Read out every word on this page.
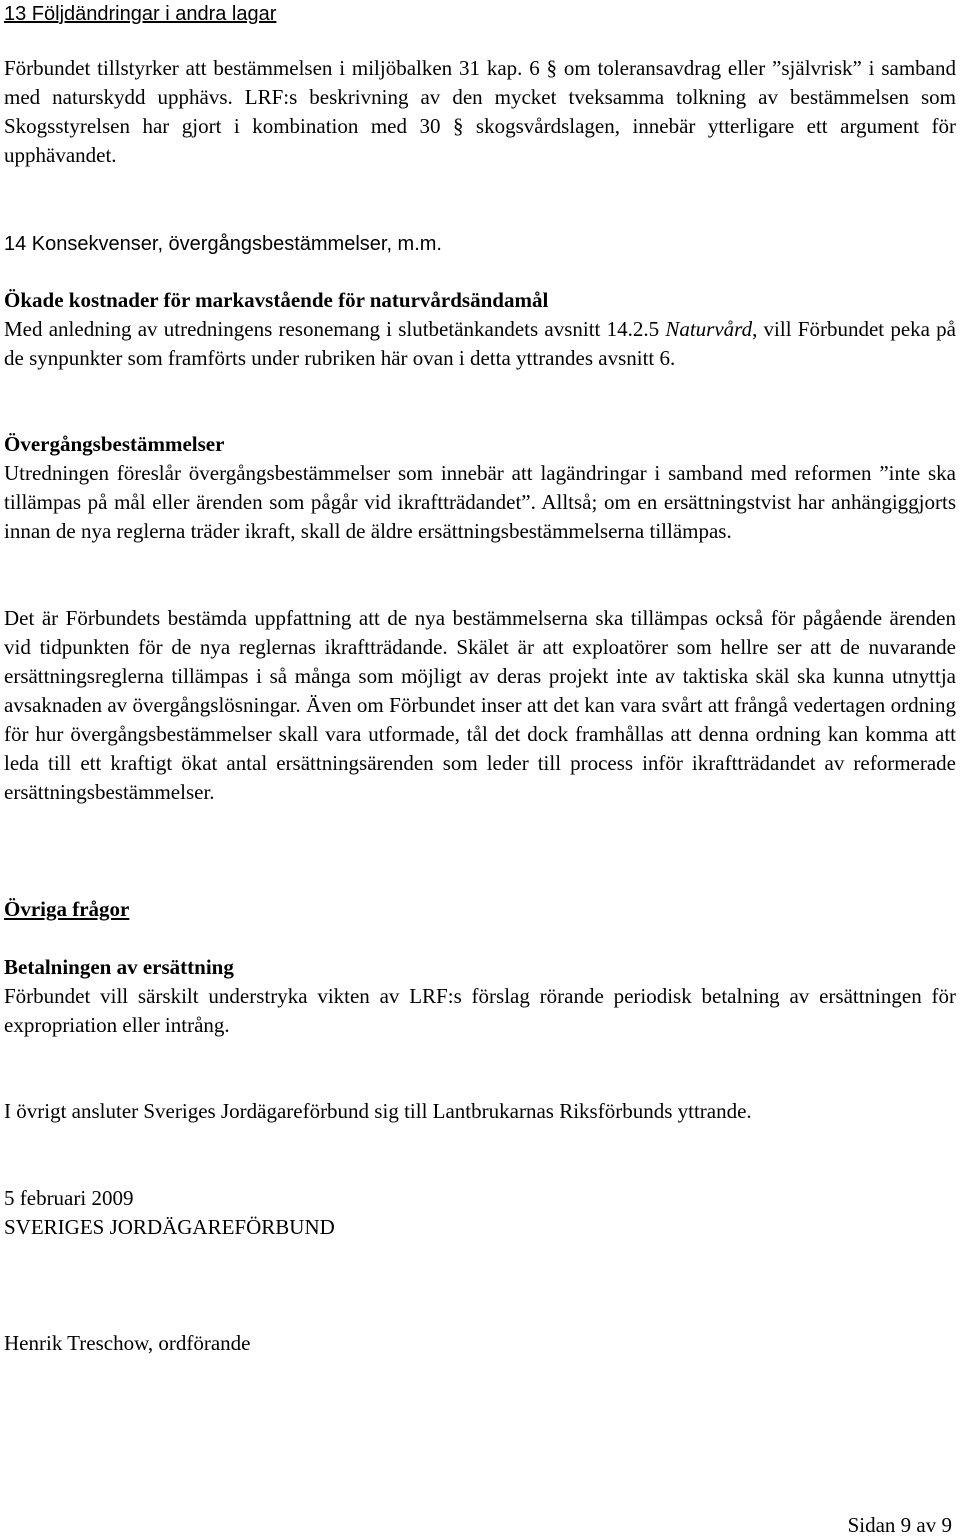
13 Följdändringar i andra lagar
Förbundet tillstyrker att bestämmelsen i miljöbalken 31 kap. 6 § om toleransavdrag eller ”självrisk” i samband med naturskydd upphävs. LRF:s beskrivning av den mycket tveksamma tolkning av bestämmelsen som Skogsstyrelsen har gjort i kombination med 30 § skogsvårdslagen, innebär ytterligare ett argument för upphävandet.
14 Konsekvenser, övergångsbestämmelser, m.m.
Ökade kostnader för markavstående för naturvårdsändamål
Med anledning av utredningens resonemang i slutbetänkandets avsnitt 14.2.5 Naturvård, vill Förbundet peka på de synpunkter som framförts under rubriken här ovan i detta yttrandes avsnitt 6.
Övergångsbestämmelser
Utredningen föreslår övergångsbestämmelser som innebär att lagändringar i samband med reformen ”inte ska tillämpas på mål eller ärenden som pågår vid ikraftträdandet”. Alltså; om en ersättningstvist har anhängiggjorts innan de nya reglerna träder ikraft, skall de äldre ersättningsbestämmelserna tillämpas.
Det är Förbundets bestämda uppfattning att de nya bestämmelserna ska tillämpas också för pågående ärenden vid tidpunkten för de nya reglernas ikraftträdande. Skälet är att exploatörer som hellre ser att de nuvarande ersättningsreglerna tillämpas i så många som möjligt av deras projekt inte av taktiska skäl ska kunna utnyttja avsaknaden av övergångslösningar. Även om Förbundet inser att det kan vara svårt att frångå vedertagen ordning för hur övergångsbestämmelser skall vara utformade, tål det dock framhållas att denna ordning kan komma att leda till ett kraftigt ökat antal ersättningsärenden som leder till process inför ikraftträdandet av reformerade ersättningsbestämmelser.
Övriga frågor
Betalningen av ersättning
Förbundet vill särskilt understryka vikten av LRF:s förslag rörande periodisk betalning av ersättningen för expropriation eller intrång.
I övrigt ansluter Sveriges Jordägareförbund sig till Lantbrukarnas Riksförbunds yttrande.
5 februari 2009
SVERIGES JORDÄGAREFÖRBUND
Henrik Treschow, ordförande
Sidan 9 av 9
